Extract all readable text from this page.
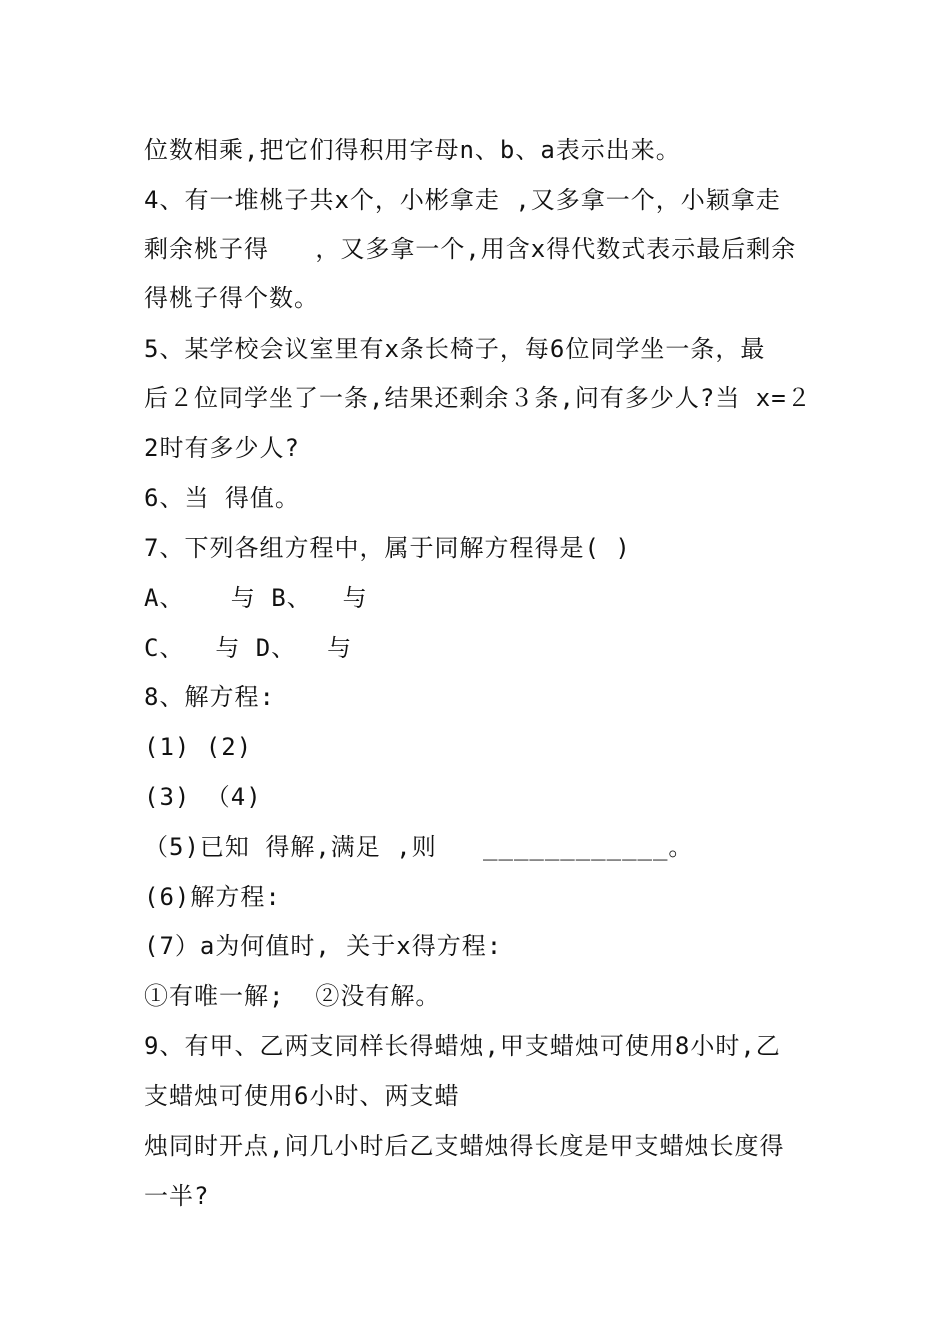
位数相乘,把它们得积用字母n、b、a表示出来。
4、有一堆桃子共x个，小彬拿走 ,又多拿一个，小颖拿走
剩余桃子得   ，又多拿一个,用含x得代数式表示最后剩余
得桃子得个数。
5、某学校会议室里有x条长椅子，每6位同学坐一条，最
后２位同学坐了一条,结果还剩余３条,问有多少人?当 x=２
2时有多少人?
6、当 得值。
7、下列各组方程中，属于同解方程得是( )
A、   与 B、  与
C、  与 D、  与
8、解方程:
(1) (2)
(3) （4)
（5)已知 得解,满足 ,则   ____________。
(6)解方程:
(7）a为何值时, 关于x得方程:
①有唯一解;  ②没有解。
9、有甲、乙两支同样长得蜡烛,甲支蜡烛可使用8小时,乙
支蜡烛可使用6小时、两支蜡
烛同时开点,问几小时后乙支蜡烛得长度是甲支蜡烛长度得
一半?
